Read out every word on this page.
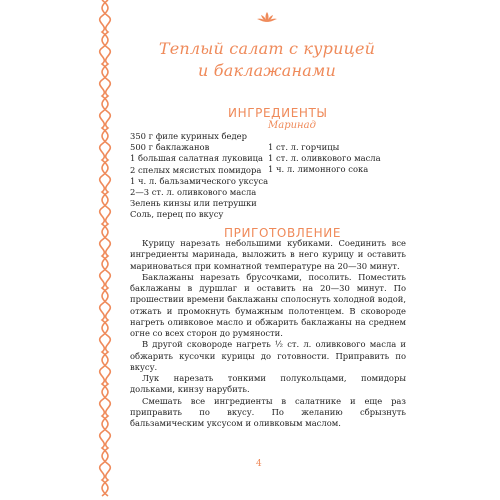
Теплый салат с курицей
и баклажанами
ИНГРЕДИЕНТЫ
350 г филе куриных бедер
500 г баклажанов
1 большая салатная луковица
2 спелых мясистых помидора
1 ч. л. бальзамического уксуса
2—3 ст. л. оливкового масла
Зелень кинзы или петрушки
Соль, перец по вкусу
Маринад
1 ст. л. горчицы
1 ст. л. оливкового масла
1 ч. л. лимонного сока
ПРИГОТОВЛЕНИЕ

Курицу нарезать небольшими кубиками. Соединить все ингредиенты маринада, выложить в него курицу и оставить мариноваться при комнатной температуре на 20—30 минут.

Баклажаны нарезать брусочками, посолить. Поместить баклажаны в дуршлаг и оставить на 20—30 минут. По прошествии времени баклажаны сполоснуть холодной водой, отжать и промокнуть бумажным полотенцем. В сковороде нагреть оливковое масло и обжарить баклажаны на среднем огне со всех сторон до румяности.

В другой сковороде нагреть ½ ст. л. оливкового масла и обжарить кусочки курицы до готовности. Приправить по вкусу.

Лук нарезать тонкими полукольцами, помидоры дольками, кинзу нарубить.

Смешать все ингредиенты в салатнике и еще раз приправить по вкусу. По желанию сбрызнуть бальзамическим уксусом и оливковым маслом.

4
